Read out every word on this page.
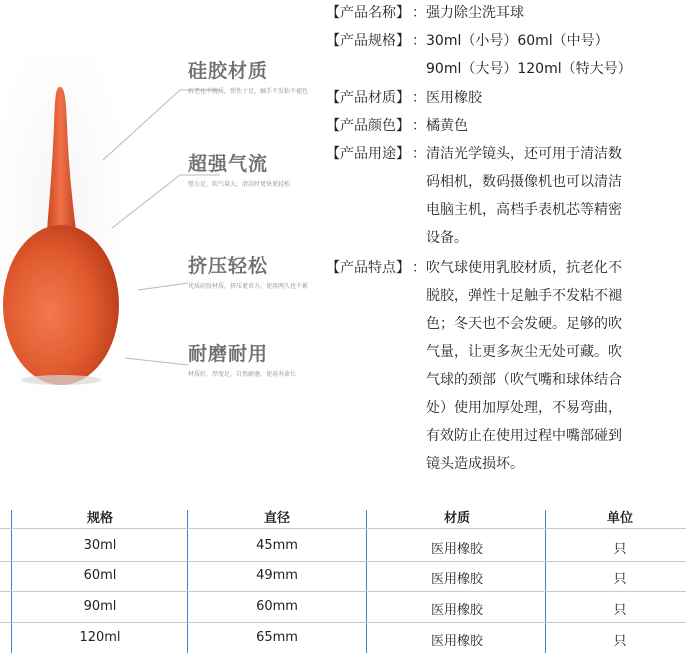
硅胶材质
抗老化不脱质，弹性十足，触手不发粘不褪色
超强气流
弹力足，吹气量大，清洁时更快更轻松
挤压轻松
优质硅胶材质，挤压更省力，使用两久也不累
耐磨耐用
材质好，厚度足，自然耐磨，使用寿命长
【产品名称】 ： 强力除尘洗耳球
【产品规格】 ： 30ml（小号）60ml（中号）
90ml（大号）120ml（特大号）
【产品材质】 ： 医用橡胶
【产品颜色】 ： 橘黄色
【产品用途】 ： 清洁光学镜头，还可用于清洁数
码相机，数码摄像机也可以清洁
电脑主机，高档手表机芯等精密
设备。
【产品特点】 ： 吹气球使用乳胶材质，抗老化不
脱胶，弹性十足触手不发粘不褪
色；冬天也不会发硬。足够的吹
气量，让更多灰尘无处可藏。吹
气球的颈部（吹气嘴和球体结合
处）使用加厚处理，不易弯曲，
有效防止在使用过程中嘴部碰到
镜头造成损坏。
规格	直径	材质	单位
30ml	45mm	医用橡胶	只
60ml	49mm	医用橡胶	只
90ml	60mm	医用橡胶	只
120ml	65mm	医用橡胶	只
